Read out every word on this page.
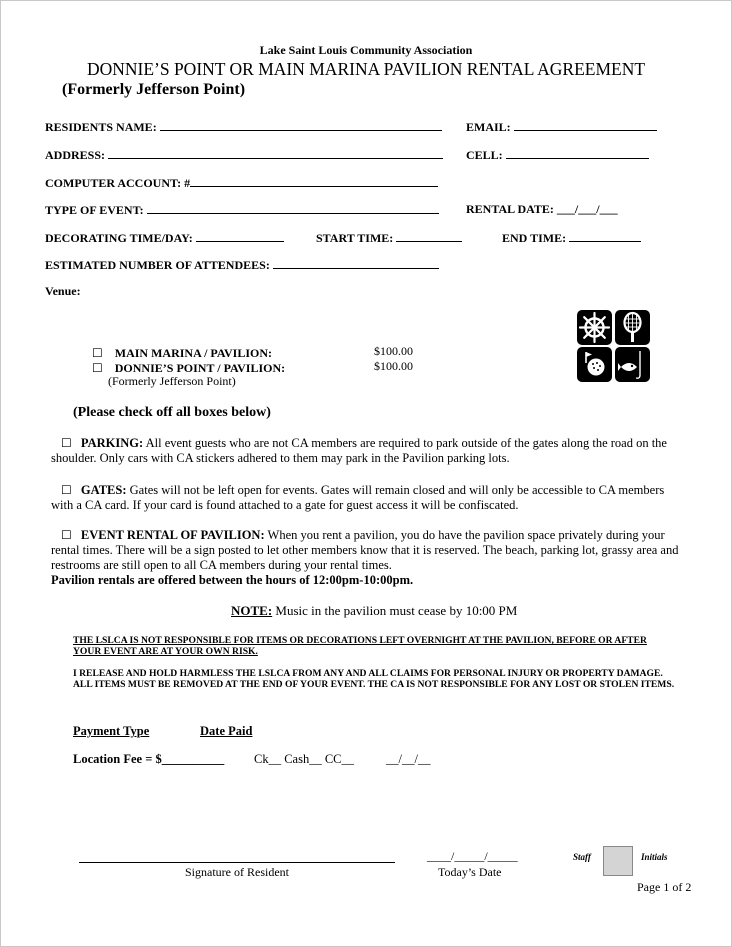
Lake Saint Louis Community Association
DONNIE’S POINT OR MAIN MARINA PAVILION RENTAL AGREEMENT
(Formerly Jefferson Point)
RESIDENTS NAME:	EMAIL:
ADDRESS:	CELL:
COMPUTER ACCOUNT: #
TYPE OF EVENT:	RENTAL DATE: ___/___/___
DECORATING TIME/DAY:	START TIME:	END TIME:
ESTIMATED NUMBER OF ATTENDEES:
Venue:
☐ MAIN MARINA / PAVILION:	$100.00
☐ DONNIE’S POINT / PAVILION:	$100.00
(Formerly Jefferson Point)
(Please check off all boxes below)
☐ PARKING: All event guests who are not CA members are required to park outside of the gates along the road on the shoulder. Only cars with CA stickers adhered to them may park in the Pavilion parking lots.
☐ GATES: Gates will not be left open for events. Gates will remain closed and will only be accessible to CA members with a CA card. If your card is found attached to a gate for guest access it will be confiscated.
☐ EVENT RENTAL OF PAVILION: When you rent a pavilion, you do have the pavilion space privately during your rental times. There will be a sign posted to let other members know that it is reserved. The beach, parking lot, grassy area and restrooms are still open to all CA members during your rental times.
Pavilion rentals are offered between the hours of 12:00pm-10:00pm.
NOTE: Music in the pavilion must cease by 10:00 PM
THE LSLCA IS NOT RESPONSIBLE FOR ITEMS OR DECORATIONS LEFT OVERNIGHT AT THE PAVILION, BEFORE OR AFTER
YOUR EVENT ARE AT YOUR OWN RISK.
I RELEASE AND HOLD HARMLESS THE LSLCA FROM ANY AND ALL CLAIMS FOR PERSONAL INJURY OR PROPERTY DAMAGE.
ALL ITEMS MUST BE REMOVED AT THE END OF YOUR EVENT. THE CA IS NOT RESPONSIBLE FOR ANY LOST OR STOLEN ITEMS.
Payment Type	Date Paid
Location Fee = $__________ Ck__ Cash__ CC__	__/__/__
Signature of Resident
____/_____/_____
Today’s Date
Staff	Initials
Page 1 of 2
